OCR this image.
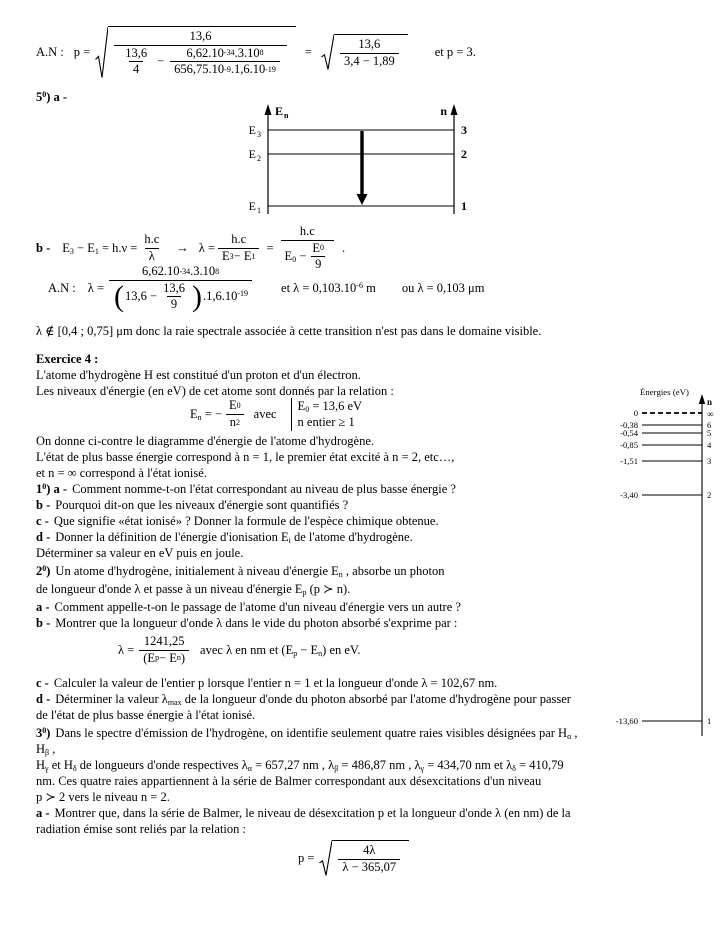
A.N : p =
13,6
13,6
4
− $\frac{6,62.10 -34 .3.10 8}{656,75.10 -9 .1,6.10 -19}$ =
13,6
3,4 − 1,89
et p = 3.
$5^0$) a -
E n	n
E 3
E 2
E 1
3
2
1
$b - E_3 - E_1 = h.\nu = \frac{h.c}{\lambda} \to \lambda = \frac{h.c}{E 3 - E 1} = \frac{h.c}{E_0 - \frac{E 0}{9}}$ .
A.N : λ =
6,62.10 -34 .3.10 8
( $13,6 - \frac{13,6}{9}$ ) $.1,6.10^{-19}$	et $\lambda = 0,103.10^{-6}$ m ou λ = 0,103 μm
λ ∉ [0,4 ; 0,75] μm donc la raie spectrale associée à cette transition n'est pas dans le domaine visible.
Exercice 4 :
L'atome d'hydrogène H est constitué d'un proton et d'un électron.
Les niveaux d'énergie (en eV) de cet atome sont donnés par la relation :
$E_n$ = − $\frac{E 0}{n 2}$ avec
$E_0 = 13,6$ eV
n entier ≥ 1
On donne ci-contre le diagramme d'énergie de l'atome d'hydrogène.
L'état de plus basse énergie correspond à n = 1, le premier état excité à n = 2, etc…,
et n = ∞ correspond à l'état ionisé.
$1^0$) a - Comment nomme-t-on l'état correspondant au niveau de plus basse énergie ?
b - Pourquoi dit-on que les niveaux d'énergie sont quantifiés ?
c - Que signifie «état ionisé» ? Donner la formule de l'espèce chimique obtenue.
d - Donner la définition de l'énergie d'ionisation $E_i$ de l'atome d'hydrogène.
Déterminer sa valeur en eV puis en joule.
$2^0$) Un atome d'hydrogène, initialement à niveau d'énergie $E_n$ , absorbe un photon
de longueur d'onde λ et passe à un niveau d'énergie $E_p$ (p ≻ n).
a - Comment appelle-t-on le passage de l'atome d'un niveau d'énergie vers un autre ?
b - Montrer que la longueur d'onde λ dans le vide du photon absorbé s'exprime par :
$\lambda = \frac{1241,25}{\text{(E p − E n )}}$ avec λ en nm et $(E_p - E_n)$ en eV.
c - Calculer la valeur de l'entier p lorsque l'entier n = 1 et la longueur d'onde λ = 102,67 nm.
d - Déterminer la valeur $\lambda_{max}$ de la longueur d'onde du photon absorbé par l'atome d'hydrogène pour passer
de l'état de plus basse énergie à l'état ionisé.
$3^0$) Dans le spectre d'émission de l'hydrogène, on identifie seulement quatre raies visibles désignées par $H_\alpha$ ,
$H_\beta$ ,
$H_\gamma$ et $H_\delta$ de longueurs d'onde respectives $\lambda_\alpha = 657,27$ nm , $\lambda_\beta = 486,87$ nm , $\lambda_\gamma = 434,70$ nm et $\lambda_\delta = 410,79$
nm. Ces quatre raies appartiennent à la série de Balmer correspondant aux désexcitations d'un niveau
p ≻ 2 vers le niveau n = 2.
a - Montrer que, dans la série de Balmer, le niveau de désexcitation p et la longueur d'onde λ (en nm) de la
radiation émise sont reliés par la relation :
p =
4λ
λ − 365,07
Énergies (eV)
n
0	∞
-0,38	6
-0,54	5
-0,85	4
-1,51	3
-3,40	2
-13,60	1
